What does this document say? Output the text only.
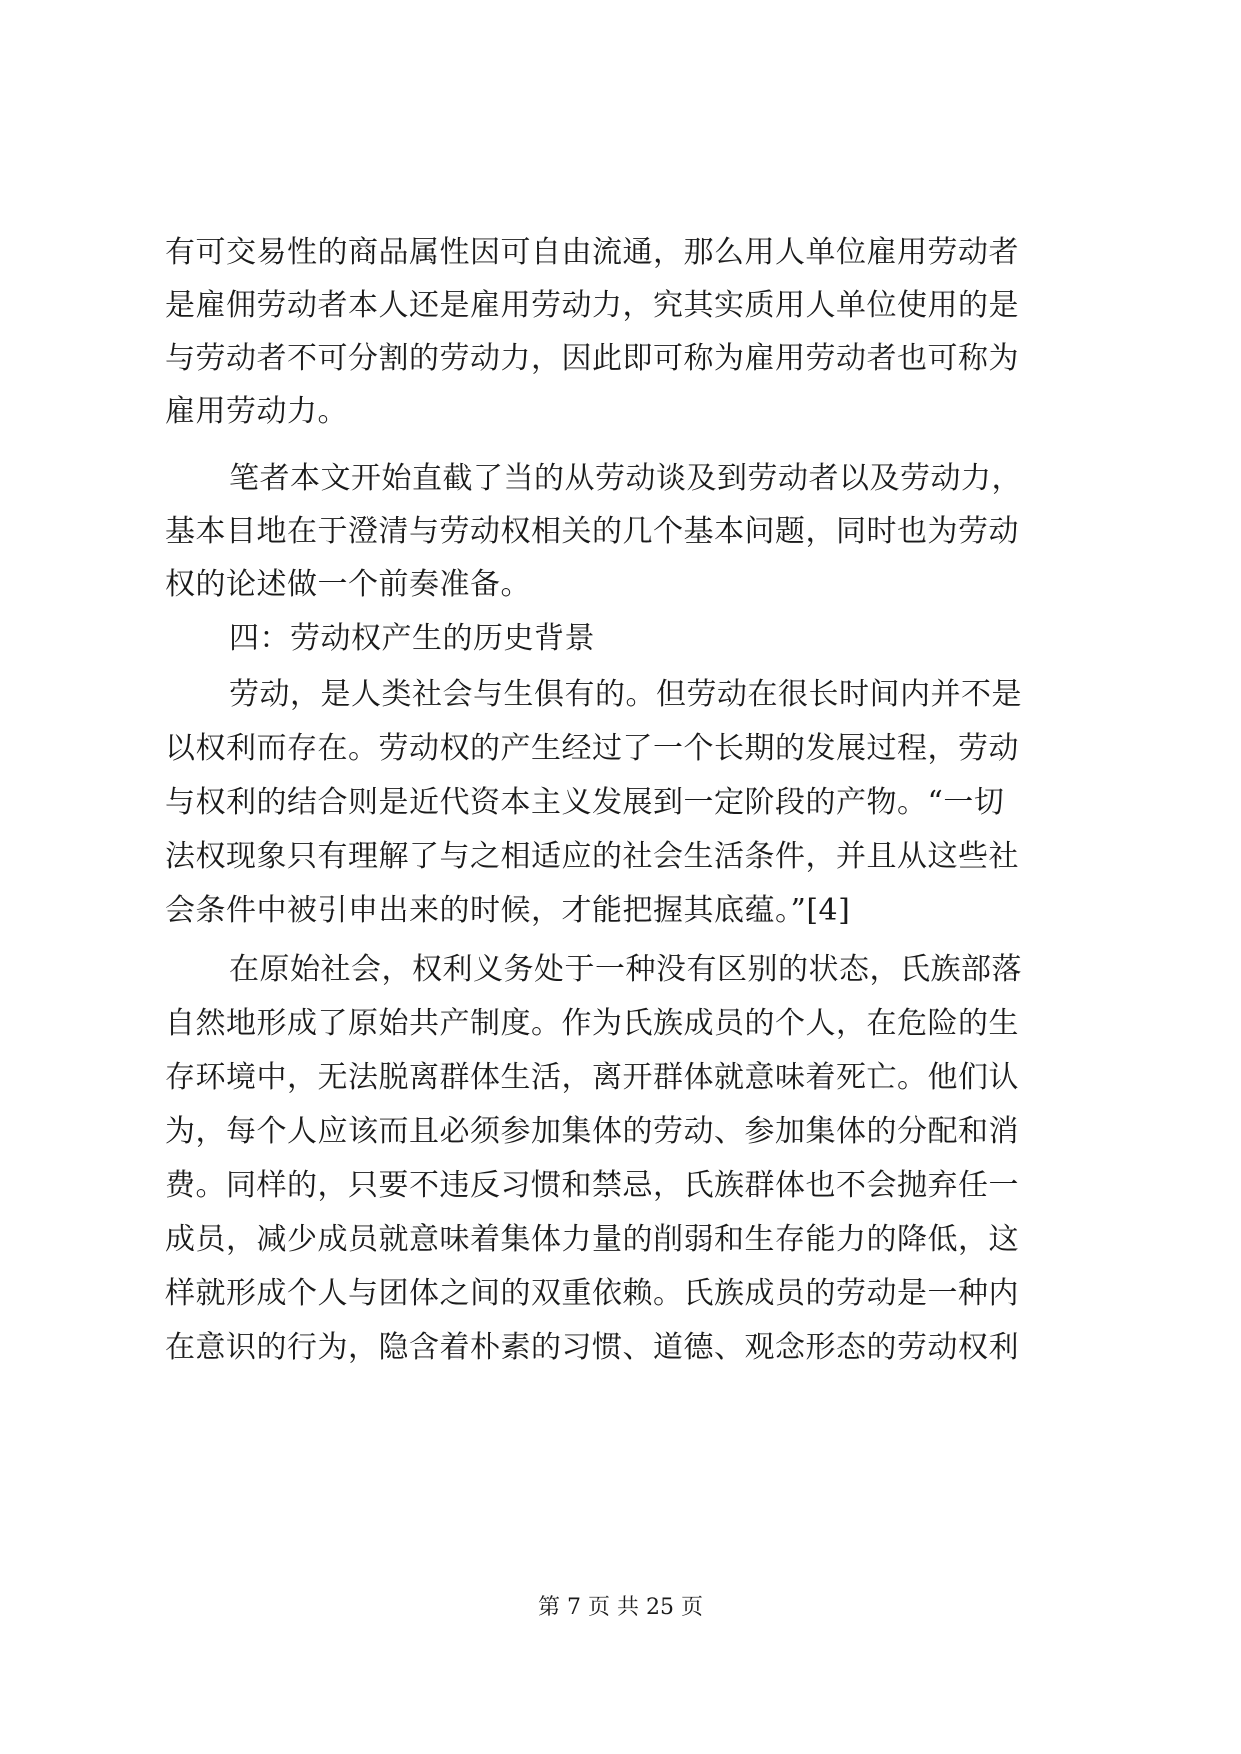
有可交易性的商品属性因可自由流通，那么用人单位雇用劳动者
是雇佣劳动者本人还是雇用劳动力，究其实质用人单位使用的是
与劳动者不可分割的劳动力，因此即可称为雇用劳动者也可称为
雇用劳动力。
笔者本文开始直截了当的从劳动谈及到劳动者以及劳动力，
基本目地在于澄清与劳动权相关的几个基本问题，同时也为劳动
权的论述做一个前奏准备。
四：劳动权产生的历史背景
劳动，是人类社会与生俱有的。但劳动在很长时间内并不是
以权利而存在。劳动权的产生经过了一个长期的发展过程，劳动
与权利的结合则是近代资本主义发展到一定阶段的产物。“一切
法权现象只有理解了与之相适应的社会生活条件，并且从这些社
会条件中被引申出来的时候，才能把握其底蕴。”[4]
在原始社会，权利义务处于一种没有区别的状态，氏族部落
自然地形成了原始共产制度。作为氏族成员的个人，在危险的生
存环境中，无法脱离群体生活，离开群体就意味着死亡。他们认
为，每个人应该而且必须参加集体的劳动、参加集体的分配和消
费。同样的，只要不违反习惯和禁忌，氏族群体也不会抛弃任一
成员，减少成员就意味着集体力量的削弱和生存能力的降低，这
样就形成个人与团体之间的双重依赖。氏族成员的劳动是一种内
在意识的行为，隐含着朴素的习惯、道德、观念形态的劳动权利
第 7 页 共 25 页
